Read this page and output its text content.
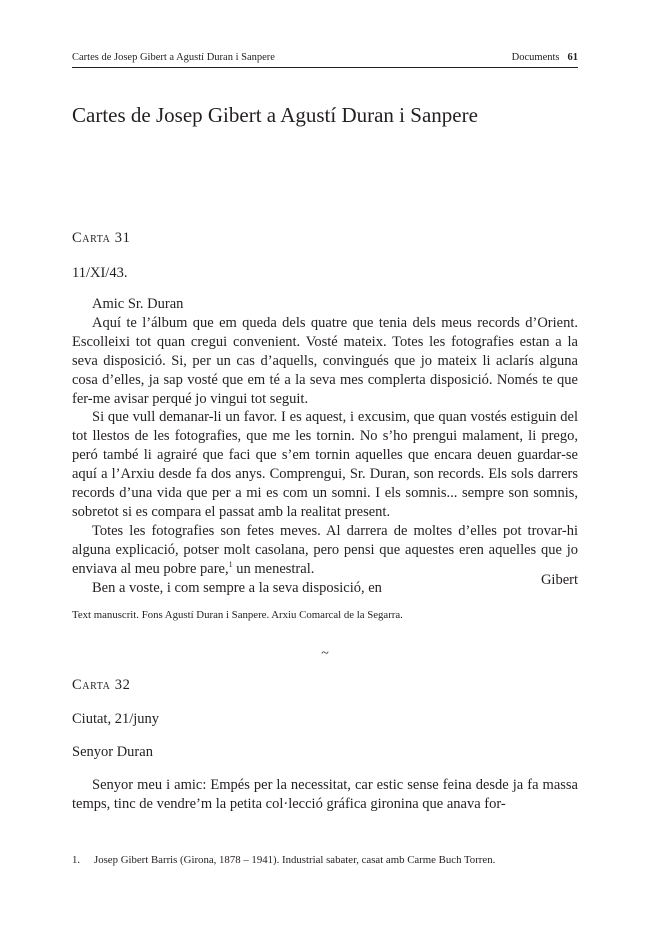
Cartes de Josep Gibert a Agustí Duran i Sanpere	Documents 61
Cartes de Josep Gibert a Agustí Duran i Sanpere

Carta 31

11/XI/43.

Amic Sr. Duran

Aquí te l’álbum que em queda dels quatre que tenia dels meus records d’Orient. Escolleixi tot quan cregui convenient. Vosté mateix. Totes les fotografies estan a la seva disposició. Si, per un cas d’aquells, convingués que jo mateix li aclarís alguna cosa d’elles, ja sap vosté que em té a la seva mes complerta disposició. Només te que fer-me avisar perqué jo vingui tot seguit.

Si que vull demanar-li un favor. I es aquest, i excusim, que quan vostés estiguin del tot llestos de les fotografies, que me les tornin. No s’ho prengui malament, li prego, peró també li agrairé que faci que s’em tornin aquelles que encara deuen guardar-se aquí a l’Arxiu desde fa dos anys. Comprengui, Sr. Duran, son records. Els sols darrers records d’una vida que per a mi es com un somni. I els somnis... sempre son somnis, sobretot si es compara el passat amb la realitat present.

Totes les fotografies son fetes meves. Al darrera de moltes d’elles pot trovar-hi alguna explicació, potser molt casolana, pero pensi que aquestes eren aquelles que jo enviava al meu pobre pare,$^1$ un menestral.

Ben a voste, i com sempre a la seva disposició, en	Gibert

Text manuscrit. Fons Agustí Duran i Sanpere. Arxiu Comarcal de la Segarra.

~

Carta 32

Ciutat, 21/juny

Senyor Duran

Senyor meu i amic: Empés per la necessitat, car estic sense feina desde ja fa massa temps, tinc de vendre’m la petita col·lecció gráfica gironina que anava for-

1. Josep Gibert Barris (Girona, 1878 – 1941). Industrial sabater, casat amb Carme Buch Torren.
